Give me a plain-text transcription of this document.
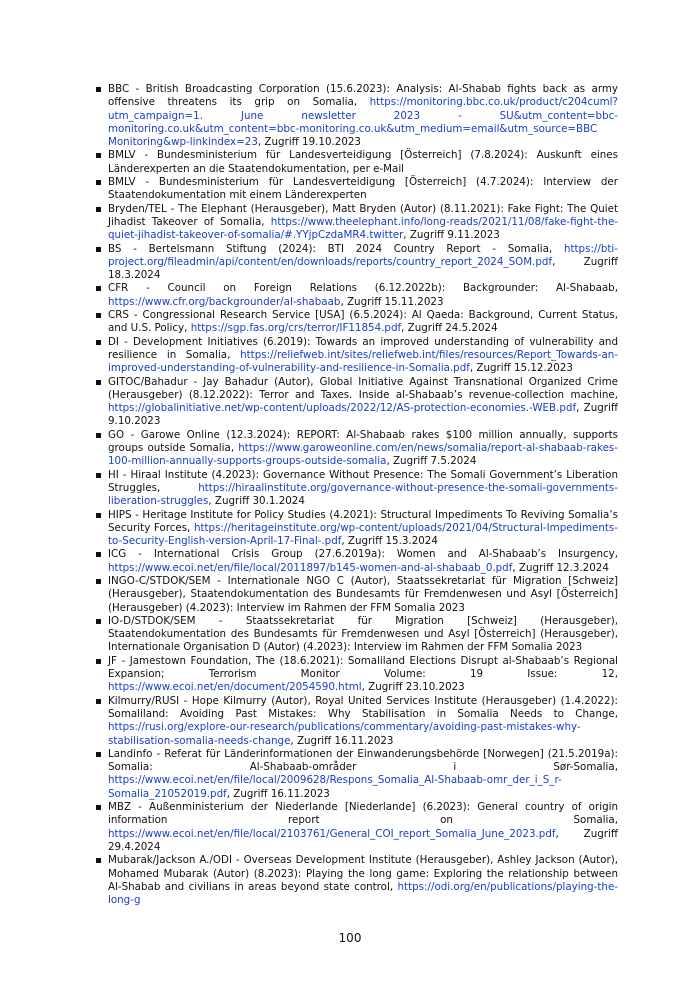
BBC - British Broadcasting Corporation (15.6.2023): Analysis: Al-Shabab fights back as army offensive threatens its grip on Somalia, https://monitoring.bbc.co.uk/product/c204cuml?utm_campaign=1. June newsletter 2023 - SU&utm_content=bbc-monitoring.co.uk&utm_content=bbc-monitoring.co.uk&utm_medium=email&utm_source=BBC Monitoring&wp-linkindex=23, Zugriff 19.10.2023
BMLV - Bundesministerium für Landesverteidigung [Österreich] (7.8.2024): Auskunft eines Länderexperten an die Staatendokumentation, per e-Mail
BMLV - Bundesministerium für Landesverteidigung [Österreich] (4.7.2024): Interview der Staatendokumentation mit einem Länderexperten
Bryden/TEL - The Elephant (Herausgeber), Matt Bryden (Autor) (8.11.2021): Fake Fight: The Quiet Jihadist Takeover of Somalia, https://www.theelephant.info/long-reads/2021/11/08/fake-fight-the-quiet-jihadist-takeover-of-somalia/#.YYjpCzdaMR4.twitter, Zugriff 9.11.2023
BS - Bertelsmann Stiftung (2024): BTI 2024 Country Report - Somalia, https://bti-project.org/fileadmin/api/content/en/downloads/reports/country_report_2024_SOM.pdf, Zugriff 18.3.2024
CFR - Council on Foreign Relations (6.12.2022b): Backgrounder: Al-Shabaab, https://www.cfr.org/backgrounder/al-shabaab, Zugriff 15.11.2023
CRS - Congressional Research Service [USA] (6.5.2024): Al Qaeda: Background, Current Status, and U.S. Policy, https://sgp.fas.org/crs/terror/IF11854.pdf, Zugriff 24.5.2024
DI - Development Initiatives (6.2019): Towards an improved understanding of vulnerability and resilience in Somalia, https://reliefweb.int/sites/reliefweb.int/files/resources/Report_Towards-an-improved-understanding-of-vulnerability-and-resilience-in-Somalia.pdf, Zugriff 15.12.2023
GITOC/Bahadur - Jay Bahadur (Autor), Global Initiative Against Transnational Organized Crime (Herausgeber) (8.12.2022): Terror and Taxes. Inside al-Shabaab’s revenue-collection machine, https://globalinitiative.net/wp-content/uploads/2022/12/AS-protection-economies.-WEB.pdf, Zugriff 9.10.2023
GO - Garowe Online (12.3.2024): REPORT: Al-Shabaab rakes $100 million annually, supports groups outside Somalia, https://www.garoweonline.com/en/news/somalia/report-al-shabaab-rakes-100-million-annually-supports-groups-outside-somalia, Zugriff 7.5.2024
HI - Hiraal Institute (4.2023): Governance Without Presence: The Somali Government’s Liberation Struggles, https://hiraalinstitute.org/governance-without-presence-the-somali-governments-liberation-struggles, Zugriff 30.1.2024
HIPS - Heritage Institute for Policy Studies (4.2021): Structural Impediments To Reviving Somalia’s Security Forces, https://heritageinstitute.org/wp-content/uploads/2021/04/Structural-Impediments-to-Security-English-version-April-17-Final-.pdf, Zugriff 15.3.2024
ICG - International Crisis Group (27.6.2019a): Women and Al-Shabaab’s Insurgency, https://www.ecoi.net/en/file/local/2011897/b145-women-and-al-shabaab_0.pdf, Zugriff 12.3.2024
INGO-C/STDOK/SEM - Internationale NGO C (Autor), Staatssekretariat für Migration [Schweiz] (Herausgeber), Staatendokumentation des Bundesamts für Fremdenwesen und Asyl [Österreich] (Herausgeber) (4.2023): Interview im Rahmen der FFM Somalia 2023
IO-D/STDOK/SEM - Staatssekretariat für Migration [Schweiz] (Herausgeber), Staatendokumentation des Bundesamts für Fremdenwesen und Asyl [Österreich] (Herausgeber), Internationale Organisation D (Autor) (4.2023): Interview im Rahmen der FFM Somalia 2023
JF - Jamestown Foundation, The (18.6.2021): Somaliland Elections Disrupt al-Shabaab’s Regional Expansion; Terrorism Monitor Volume: 19 Issue: 12, https://www.ecoi.net/en/document/2054590.html, Zugriff 23.10.2023
Kilmurry/RUSI - Hope Kilmurry (Autor), Royal United Services Institute (Herausgeber) (1.4.2022): Somaliland: Avoiding Past Mistakes: Why Stabilisation in Somalia Needs to Change, https://rusi.org/explore-our-research/publications/commentary/avoiding-past-mistakes-why-stabilisation-somalia-needs-change, Zugriff 16.11.2023
Landinfo - Referat für Länderinformationen der Einwanderungsbehörde [Norwegen] (21.5.2019a): Somalia: Al-Shabaab-områder i Sør-Somalia, https://www.ecoi.net/en/file/local/2009628/Respons_Somalia_Al-Shabaab-omr_der_i_S_r-Somalia_21052019.pdf, Zugriff 16.11.2023
MBZ - Außenministerium der Niederlande [Niederlande] (6.2023): General country of origin information report on Somalia, https://www.ecoi.net/en/file/local/2103761/General_COI_report_Somalia_June_2023.pdf, Zugriff 29.4.2024
Mubarak/Jackson A./ODI - Overseas Development Institute (Herausgeber), Ashley Jackson (Autor), Mohamed Mubarak (Autor) (8.2023): Playing the long game: Exploring the relationship between Al-Shabab and civilians in areas beyond state control, https://odi.org/en/publications/playing-the-long-g
100
